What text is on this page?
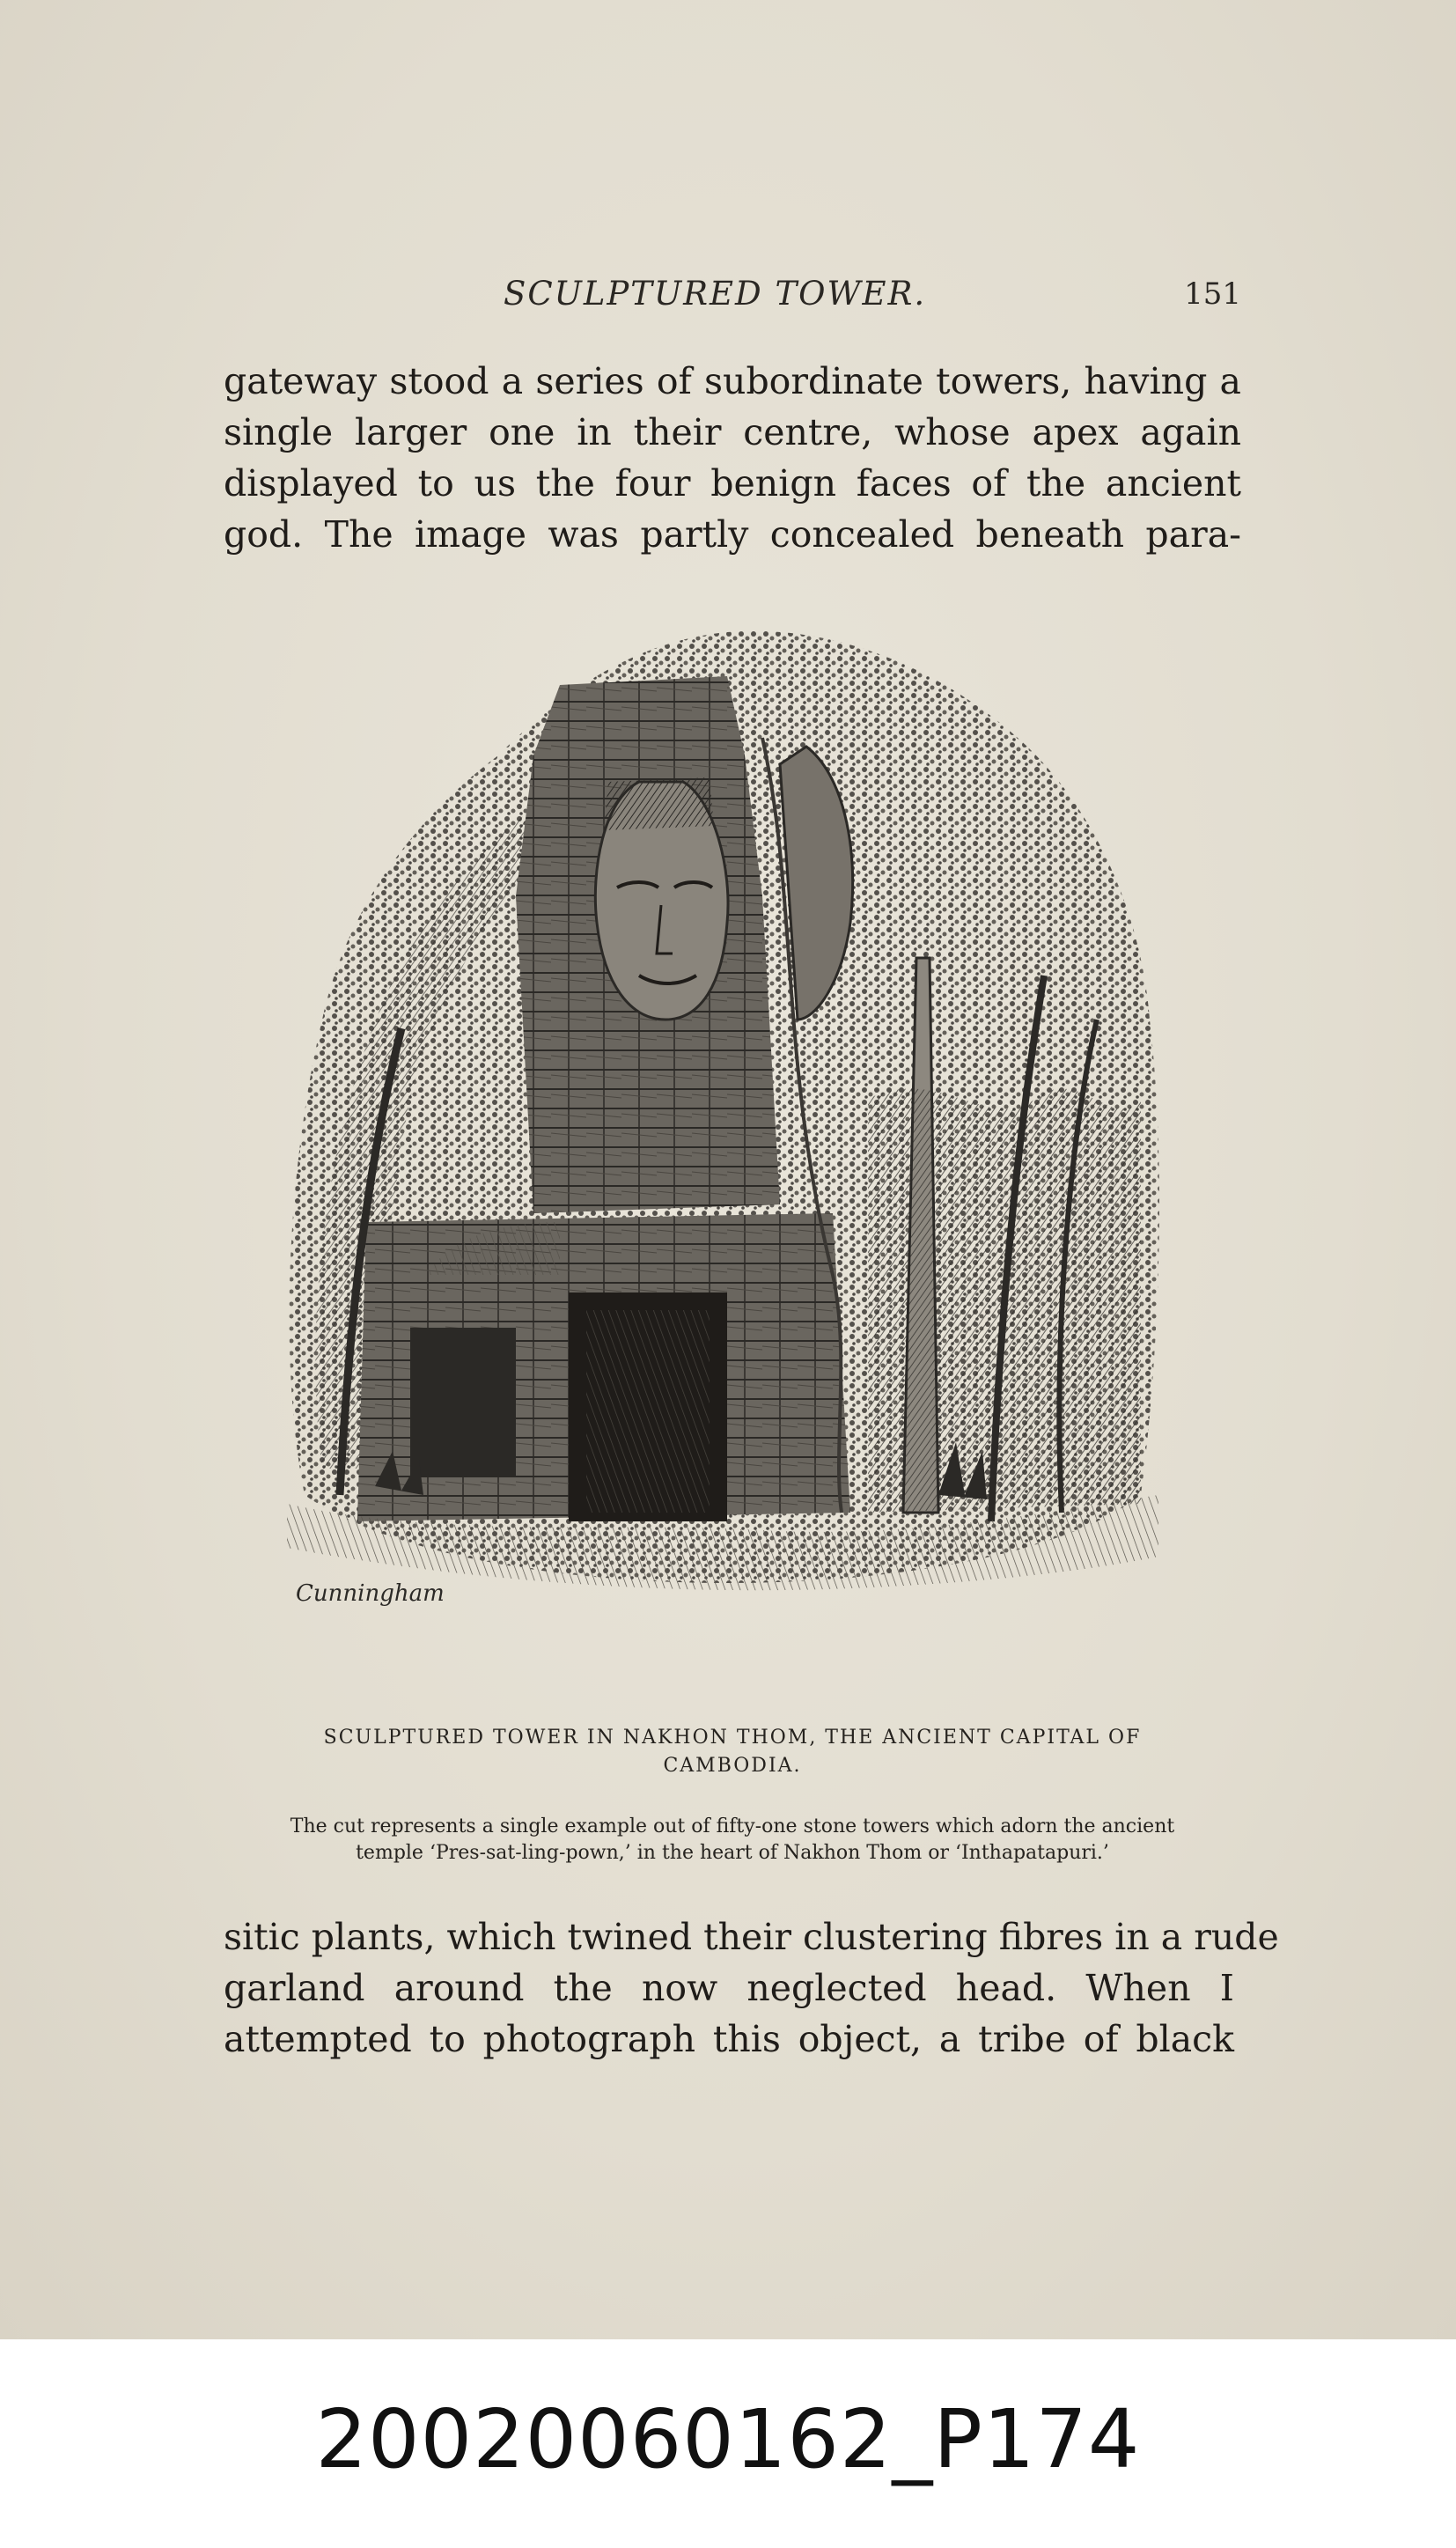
SCULPTURED TOWER.	151
gateway stood a series of subordinate towers, having a
single larger one in their centre, whose apex again
displayed to us the four benign faces of the ancient
god. The image was partly concealed beneath para-
Cunningham
SCULPTURED TOWER IN NAKHON THOM, THE ANCIENT CAPITAL OF
CAMBODIA.
The cut represents a single example out of fifty-one stone towers which adorn the ancient
temple ‘Pres-sat-ling-pown,’ in the heart of Nakhon Thom or ‘Inthapatapuri.’
sitic plants, which twined their clustering fibres in a rude
garland around the now neglected head. When I
attempted to photograph this object, a tribe of black
20020060162_P174
